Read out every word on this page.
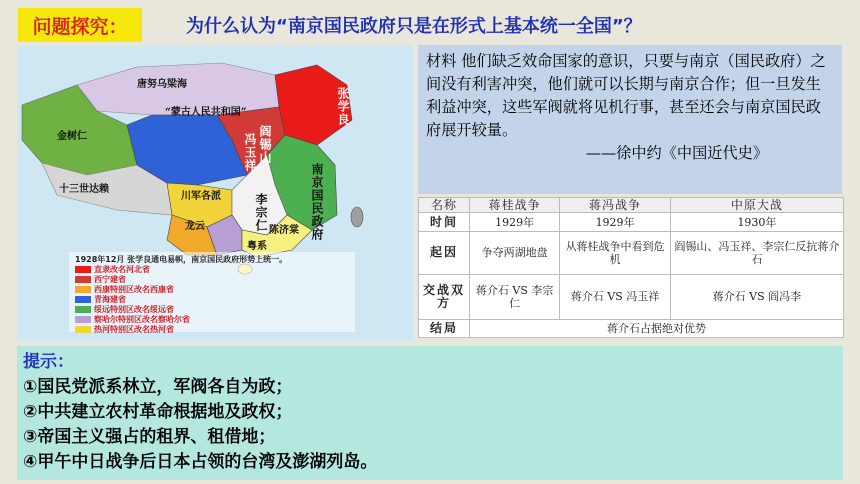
问题探究：	为什么认为“南京国民政府只是在形式上基本统一全国”？
唐努乌梁海
“蒙古人民共和国”
金树仁
十三世达赖
冯玉祥 阎锡山
张学良
南京国民政府
川军各派	李宗仁
龙云	陈济棠
粤系
1928年12月 张学良通电易帜，南京国民政府形势上统一。
直隶改名河北省
西宁建省
西康特别区改名西康省
青海建省
绥远特别区改名绥远省
察哈尔特别区改名察哈尔省
热河特别区改名热河省
材料 他们缺乏效命国家的意识，只要与南京（国民政府）之间没有利害冲突，他们就可以长期与南京合作；但一旦发生利益冲突，这些军阀就将见机行事，甚至还会与南京国民政府展开较量。
——徐中约《中国近代史》
名称	蒋桂战争	蒋冯战争	中原大战
时间	1929年	1929年	1930年
起因	争夺两湖地盘	从蒋桂战争中看到危机	阎锡山、冯玉祥、李宗仁反抗蒋介石
交战双方	蒋介石 VS 李宗仁	蒋介石 VS 冯玉祥	蒋介石 VS 阎冯李
结局	蒋介石占据绝对优势		
提示：
①国民党派系林立，军阀各自为政；
②中共建立农村革命根据地及政权；
③帝国主义强占的租界、租借地；
④甲午中日战争后日本占领的台湾及澎湖列岛。
